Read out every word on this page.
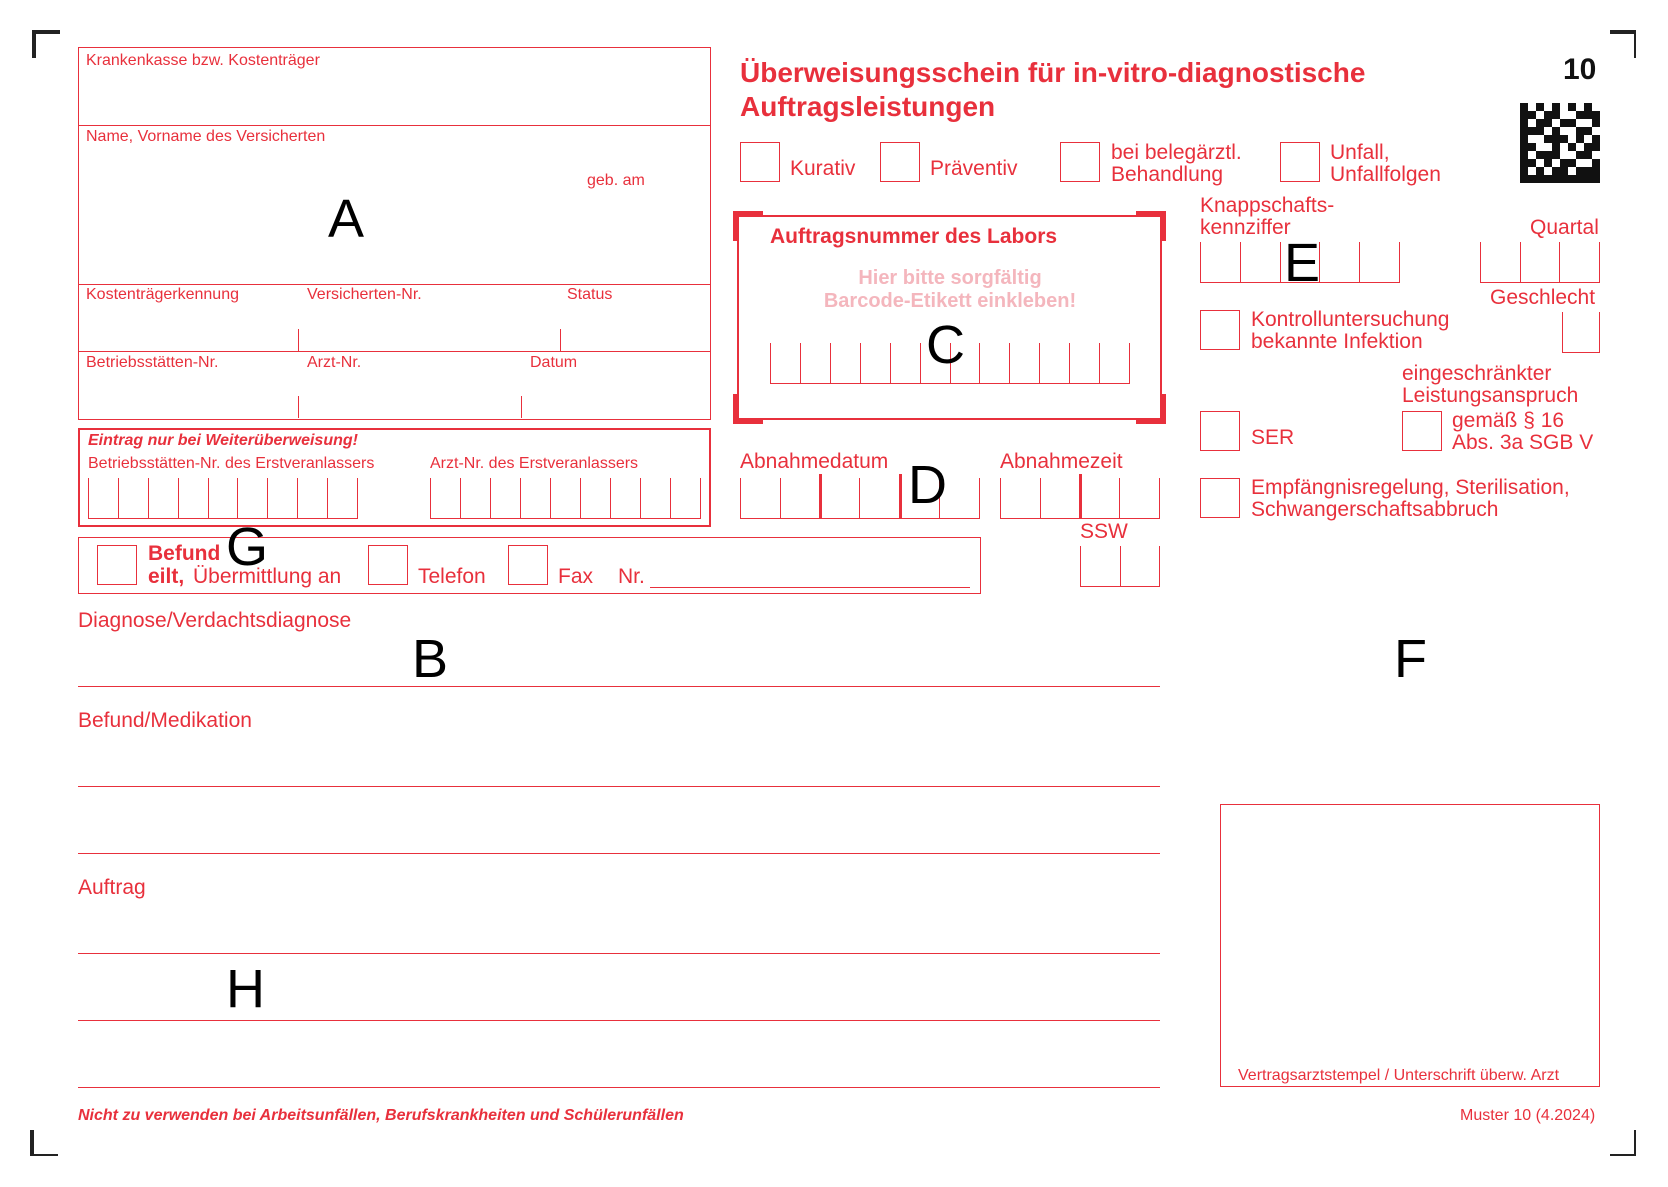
Krankenkasse bzw. Kostenträger
Name, Vorname des Versicherten
geb. am
Kostenträgerkennung	Versicherten-Nr.	Status
Betriebsstätten-Nr.	Arzt-Nr.	Datum
Eintrag nur bei Weiterüberweisung!
Betriebsstätten-Nr. des Erstveranlassers	Arzt-Nr. des Erstveranlassers
Befund
eilt, Übermittlung an	Telefon	Fax Nr.
Überweisungsschein für in-vitro-diagnostische
Auftragsleistungen
10
Kurativ	Präventiv
bei belegärztl.
Behandlung
Unfall,
Unfallfolgen
Auftragsnummer des Labors
Hier bitte sorgfältig
Barcode-Etikett einkleben!
Abnahmedatum	Abnahmezeit
SSW
Knappschafts-
kennziffer	Quartal
Geschlecht
Kontrolluntersuchung
bekannte Infektion
eingeschränkter
Leistungsanspruch
SER
gemäß § 16
Abs. 3a SGB V
Empfängnisregelung, Sterilisation,
Schwangerschaftsabbruch
Diagnose/Verdachtsdiagnose
Befund/Medikation
Auftrag
Vertragsarztstempel / Unterschrift überw. Arzt
Nicht zu verwenden bei Arbeitsunfällen, Berufskrankheiten und Schülerunfällen	Muster 10 (4.2024)
A
B
C
D
E
F
G
H
